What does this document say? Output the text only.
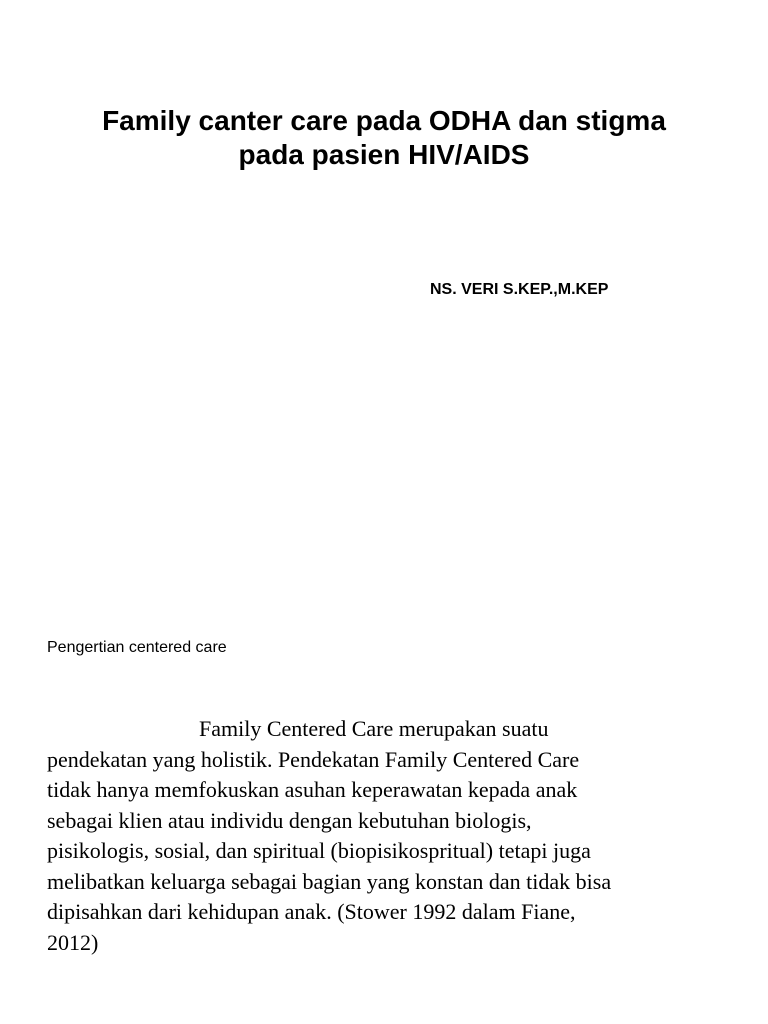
Family canter care pada ODHA dan stigma
pada pasien HIV/AIDS

NS. VERI S.KEP.,M.KEP

Pengertian centered care

Family Centered Care merupakan suatu
pendekatan yang holistik. Pendekatan Family Centered Care
tidak hanya memfokuskan asuhan keperawatan kepada anak
sebagai klien atau individu dengan kebutuhan biologis,
pisikologis, sosial, dan spiritual (biopisikospritual) tetapi juga
melibatkan keluarga sebagai bagian yang konstan dan tidak bisa
dipisahkan dari kehidupan anak. (Stower 1992 dalam Fiane,
2012)
